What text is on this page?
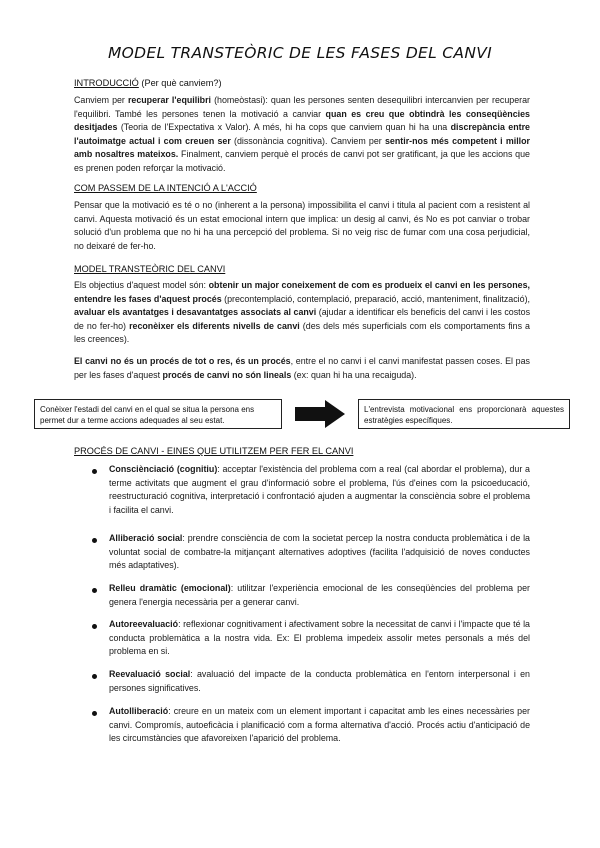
MODEL TRANSTEÒRIC DE LES FASES DEL CANVI
INTRODUCCIÓ (Per què canviem?)
Canviem per recuperar l'equilibri (homeòstasi): quan les persones senten desequilibri intercanvien per recuperar l'equilibri. També les persones tenen la motivació a canviar quan es creu que obtindrà les conseqüències desitjades (Teoria de l'Expectativa x Valor). A més, hi ha cops que canviem quan hi ha una discrepància entre l'autoimatge actual i com creuen ser (dissonància cognitiva). Canviem per sentir-nos més competent i millor amb nosaltres mateixos. Finalment, canviem perquè el procés de canvi pot ser gratificant, ja que les accions que es prenen poden reforçar la motivació.
COM PASSEM DE LA INTENCIÓ A L'ACCIÓ
Pensar que la motivació es té o no (inherent a la persona) impossibilita el canvi i titula al pacient com a resistent al canvi. Aquesta motivació és un estat emocional intern que implica: un desig al canvi, és No es pot canviar o trobar solució d'un problema que no hi ha una percepció del problema. Si no veig risc de fumar com una cosa perjudicial, no deixaré de fer-ho.
MODEL TRANSTEÒRIC DEL CANVI
Els objectius d'aquest model són: obtenir un major coneixement de com es produeix el canvi en les persones, entendre les fases d'aquest procés (precontemplació, contemplació, preparació, acció, manteniment, finalització), avaluar els avantatges i desavantatges associats al canvi (ajudar a identificar els beneficis del canvi i les costos de no fer-ho) reconèixer els diferents nivells de canvi (des dels més superficials com els comportaments fins a les creences).
El canvi no és un procés de tot o res, és un procés, entre el no canvi i el canvi manifestat passen coses. El pas per les fases d'aquest procés de canvi no són lineals (ex: quan hi ha una recaiguda).
Conèixer l'estadi del canvi en el qual se situa la persona ens permet dur a terme accions adequades al seu estat.
L'entrevista motivacional ens proporcionarà aquestes estratègies específiques.
PROCÉS DE CANVI - EINES QUE UTILITZEM PER FER EL CANVI
Consciènciació (cognitiu): acceptar l'existència del problema com a real (cal abordar el problema), dur a terme activitats que augment el grau d'informació sobre el problema, l'ús d'eines com la psicoeducació, reestructuració cognitiva, interpretació i confrontació ajuden a augmentar la consciència sobre el problema i facilita el canvi.
Alliberació social: prendre consciència de com la societat percep la nostra conducta problemàtica i de la voluntat social de combatre-la mitjançant alternatives adoptives (facilita l'adquisició de noves conductes més adaptatives).
Relleu dramàtic (emocional): utilitzar l'experiència emocional de les conseqüències del problema per genera l'energia necessària per a generar canvi.
Autoreevaluació: reflexionar cognitivament i afectivament sobre la necessitat de canvi i l'impacte que té la conducta problemàtica a la nostra vida. Ex: El problema impedeix assolir metes personals a més del problema en si.
Reevaluació social: avaluació del impacte de la conducta problemàtica en l'entorn interpersonal i en persones significatives.
Autolliberació: creure en un mateix com un element important i capacitat amb les eines necessàries per canvi. Compromís, autoeficàcia i planificació com a forma alternativa d'acció. Procés actiu d'anticipació de les circumstàncies que afavoreixen l'aparició del problema.
